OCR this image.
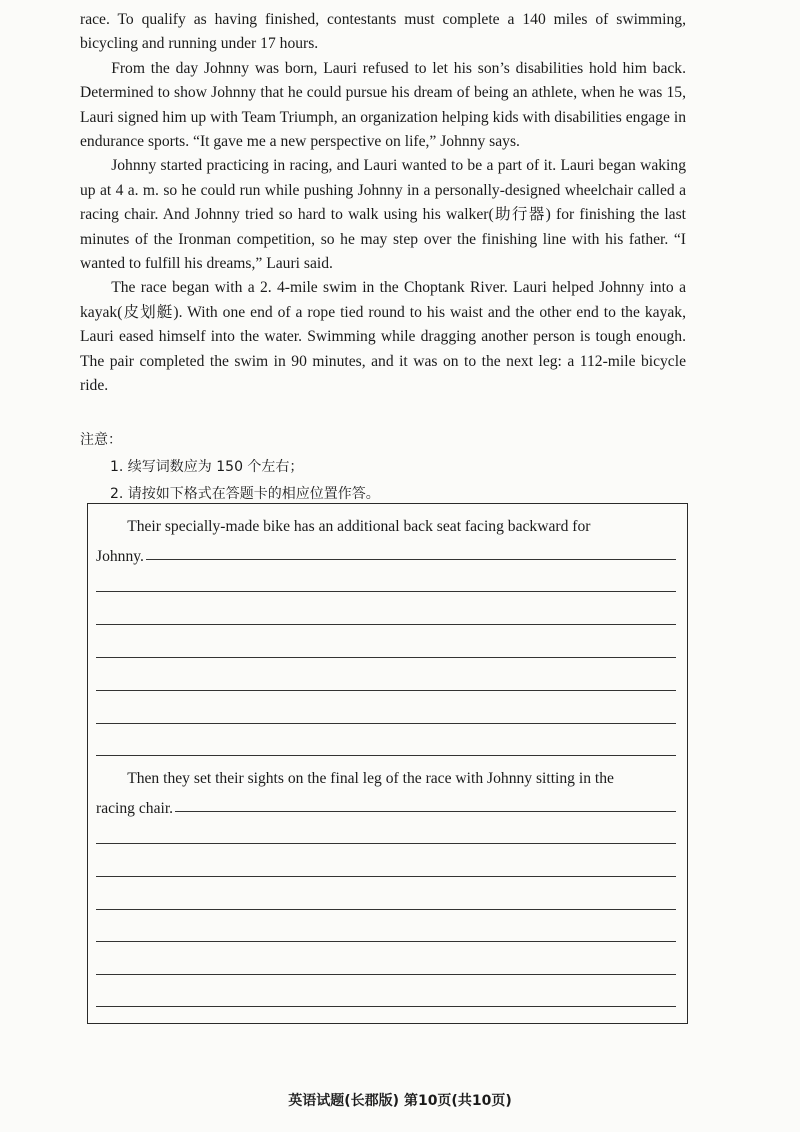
race. To qualify as having finished, contestants must complete a 140 miles of swimming, bicycling and running under 17 hours.

From the day Johnny was born, Lauri refused to let his son’s disabilities hold him back. Determined to show Johnny that he could pursue his dream of being an athlete, when he was 15, Lauri signed him up with Team Triumph, an organization helping kids with disabilities engage in endurance sports. “It gave me a new perspective on life,” Johnny says.

Johnny started practicing in racing, and Lauri wanted to be a part of it. Lauri began waking up at 4 a. m. so he could run while pushing Johnny in a personally-designed wheelchair called a racing chair. And Johnny tried so hard to walk using his walker(助行器) for finishing the last minutes of the Ironman competition, so he may step over the finishing line with his father. “I wanted to fulfill his dreams,” Lauri said.

The race began with a 2. 4-mile swim in the Choptank River. Lauri helped Johnny into a kayak(皮划艇). With one end of a rope tied round to his waist and the other end to the kayak, Lauri eased himself into the water. Swimming while dragging another person is tough enough. The pair completed the swim in 90 minutes, and it was on to the next leg: a 112-mile bicycle ride.

注意：
1. 续写词数应为 150 个左右；
2. 请按如下格式在答题卡的相应位置作答。
Their specially-made bike has an additional back seat facing backward for
Johnny.
Then they set their sights on the final leg of the race with Johnny sitting in the
racing chair.
英语试题(长郡版) 第10页(共10页)
